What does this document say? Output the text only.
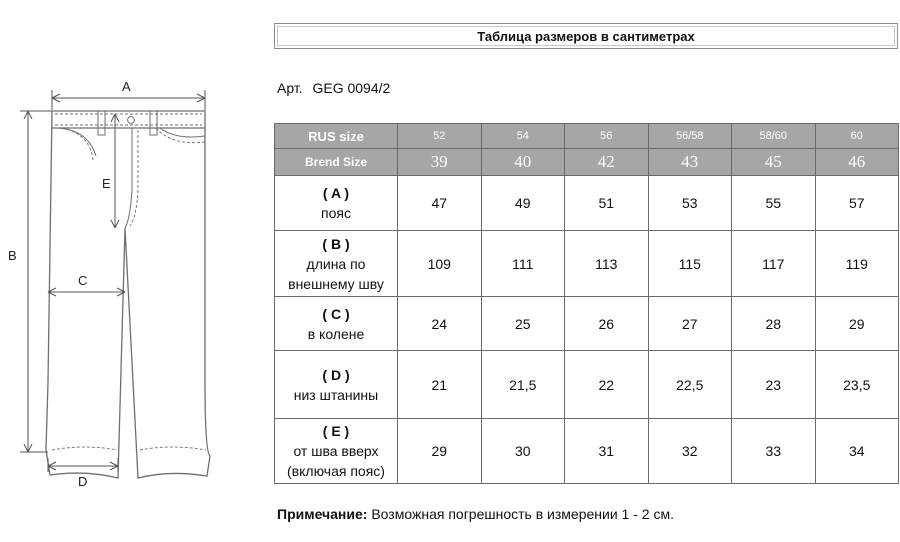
A
B
C
D
E
Таблица размеров в сантиметрах
Арт. GEG 0094/2
RUS size	52	54	56	56/58	58/60	60
Brend Size	39	40	42	43	45	46

( A )
пояс	47	49	51	53	55	57

( B )
длина по
внешнему шву	109	111	113	115	117	119

( C )
в колене	24	25	26	27	28	29

( D )
низ штанины	21	21,5	22	22,5	23	23,5

( E )
от шва вверх
(включая пояс)	29	30	31	32	33	34
Примечание: Возможная погрешность в измерении 1 - 2 см.
